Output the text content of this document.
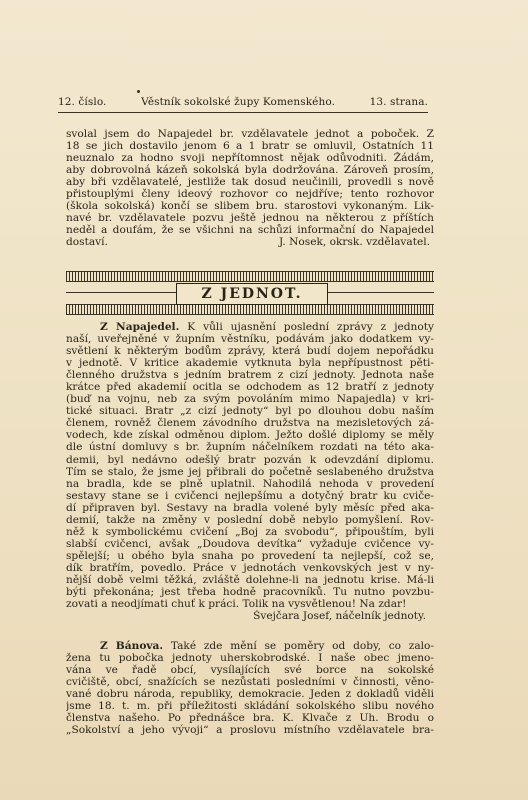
12. číslo.	Věstník sokolské župy Komenského.	13. strana.
svolal jsem do Napajedel br. vzdělavatele jednot a poboček. Z
18 se jich dostavilo jenom 6 a 1 bratr se omluvil, Ostatních 11
neuznalo za hodno svoji nepřítomnost nějak odůvodniti. Žádám,
aby dobrovolná kázeň sokolská byla dodržována. Zároveň prosím,
aby bři vzdělavatelé, jestliže tak dosud neučinili, provedli s nově
přistouplými členy ideový rozhovor co nejdříve; tento rozhovor
(škola sokolská) končí se slibem bru. starostovi vykonaným. Lik-
navé br. vzdělavatele pozvu ještě jednou na některou z příštích
neděl a doufám, že se všichni na schůzi informační do Napajedel
dostaví.	J. Nosek, okrsk. vzdělavatel.
Z JEDNOT.
Z Napajedel. K vůli ujasnění poslední zprávy z jednoty
naší, uveřejněné v župním věstníku, podávám jako dodatkem vy-
světlení k některým bodům zprávy, která budí dojem nepořádku
v jednotě. V kritice akademie vytknuta byla nepřípustnost pěti-
členného družstva s jedním bratrem z cizí jednoty. Jednota naše
krátce před akademií ocitla se odchodem as 12 bratří z jednoty
(buď na vojnu, neb za svým povoláním mimo Napajedla) v kri-
tické situaci. Bratr „z cizí jednoty“ byl po dlouhou dobu naším
členem, rovněž členem závodního družstva na mezisletových zá-
vodech, kde získal odměnou diplom. Ježto došlé diplomy se měly
dle ústní domluvy s br. župním náčelníkem rozdati na této aka-
demii, byl nedávno odešlý bratr pozván k odevzdání diplomu.
Tím se stalo, že jsme jej přibrali do početně seslabeného družstva
na bradla, kde se plně uplatnil. Nahodilá nehoda v provedení
sestavy stane se i cvičenci nejlepšímu a dotyčný bratr ku cviče-
dí připraven byl. Sestavy na bradla volené byly měsíc před aka-
demií, takže na změny v poslední době nebylo pomyšlení. Rov-
něž k symbolickému cvičení „Boj za svobodu“, připouštím, byli
slabší cvičenci, avšak „Doudova devítka“ vyžaduje cvičence vy-
spělejší; u obého byla snaha po provedení ta nejlepší, což se,
dík bratřím, povedlo. Práce v jednotách venkovských jest v ny-
nější době velmi těžká, zvláště dolehne-li na jednotu krise. Má-li
býti překonána; jest třeba hodně pracovníků. Tu nutno povzbu-
zovati a neodjímati chuť k práci. Tolik na vysvětlenou! Na zdar!
Švejčara Josef, náčelník jednoty.
Z Bánova. Také zde mění se poměry od doby, co zalo-
žena tu pobočka jednoty uherskobrodské. I naše obec jmeno-
vána ve řadě obcí, vysílajících své borce na sokolské
cvičiště, obcí, snažících se nezůstati posledními v činnosti, věno-
vané dobru národa, republiky, demokracie. Jeden z dokladů viděli
jsme 18. t. m. při příležitosti skládání sokolského slibu nového
členstva našeho. Po přednášce bra. K. Klvače z Uh. Brodu o
„Sokolství a jeho vývoji“ a proslovu místního vzdělavatele bra-
